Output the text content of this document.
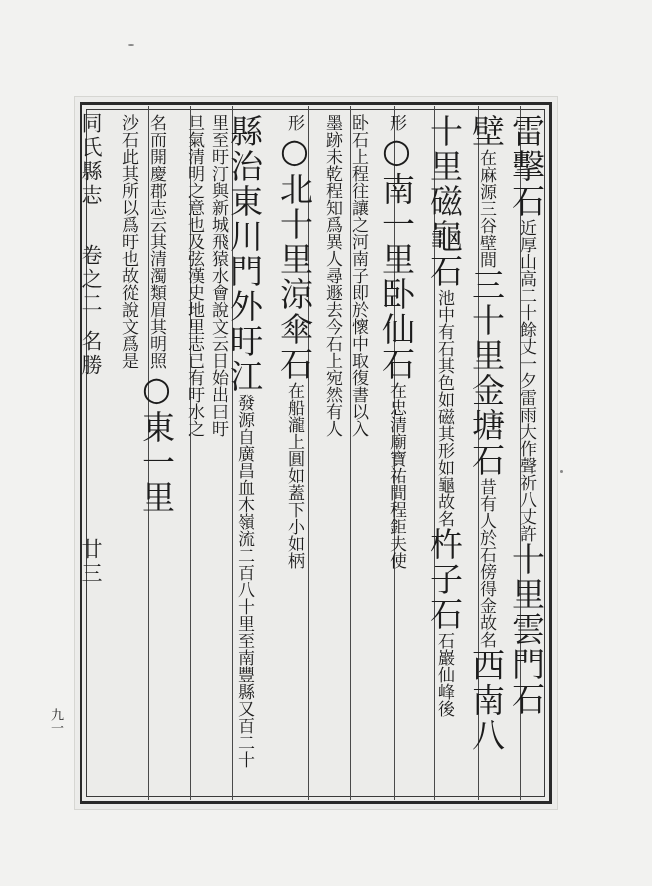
雷擊石近厚山高二十餘丈一夕雷雨大作聲祈八丈許十里雲門石
壁在麻源三谷壁間三十里金塘石昔有人於石傍得金故名西南八
十里磁龜石池中有石其色如磁其形如龜故名杵子石石巖仙峰後
形○南一里卧仙石在忠清廟寶祐間程鉅夫使
卧石上程往讓之河南子即於懷中取復書以入
墨跡未乾程知爲異人尋遯去今石上宛然有人
形○北十里涼傘石在船瀧上圓如蓋下小如柄
縣治東川門外旴江發源自廣昌血木嶺流二百八十里至南豐縣又百二十
里至旴汀與新城飛猿水會說文云日始出曰旴
旦氣清明之意也及弦漢史地里志已有旴水之
名而開慶郡志云其清濁類眉其明照○東一里
沙石此其所以爲旴也故從說文爲是
同氏縣志卷之二名勝廿三
九一
